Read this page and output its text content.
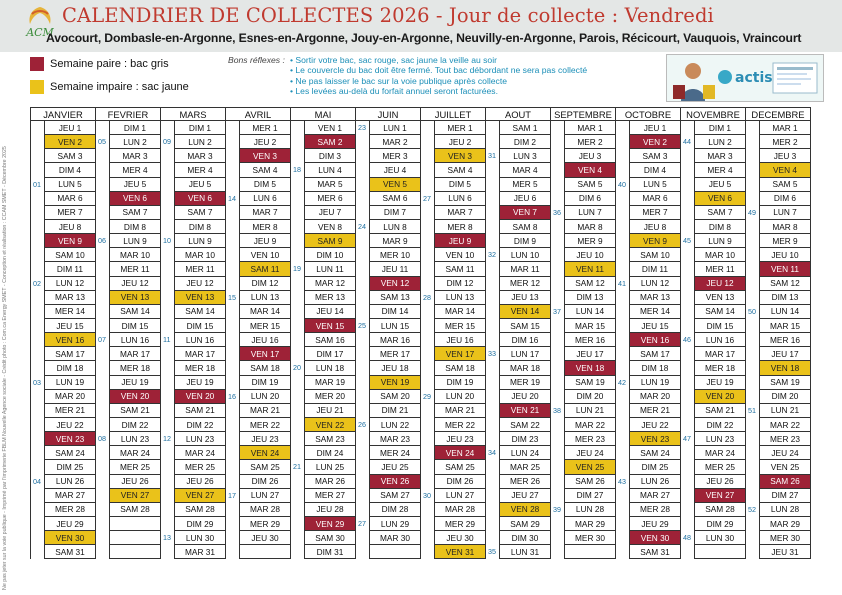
ACM
CALENDRIER DE COLLECTES 2026 - Jour de collecte : Vendredi
Avocourt, Dombasle-en-Argonne, Esnes-en-Argonne, Jouy-en-Argonne, Neuvilly-en-Argonne, Parois, Récicourt, Vauquois, Vraincourt
Semaine paire : bac gris
Semaine impaire : sac jaune
Bons réflexes :	• Sortir votre bac, sac rouge, sac jaune la veille au soir
• Le couvercle du bac doit être fermé. Tout bac débordant ne sera pas collecté
• Ne pas laisser le bac sur la voie publique après collecte
• Les levées au-delà du forfait annuel seront facturées.
actis
Ne pas jeter sur la voie publique - Imprimé par l'imprimerie FBLM Nouvelle Agence sociale - Crédit photo : Com.ca Energy SMET - Conception et réalisation : CCAM SMET - Décembre 2025
JANVIER		FEVRIER		MARS		AVRIL		MAI		JUIN		JUILLET		AOUT		SEPTEMBRE		OCTOBRE		NOVEMBRE		DECEMBRE	
	JEU 1		DIM 1		DIM 1		MER 1		VEN 1	23	LUN 1		MER 1		SAM 1		MAR 1		JEU 1		DIM 1		MAR 1
	VEN 2	05	LUN 2	09	LUN 2		JEU 2		SAM 2		MAR 2		JEU 2		DIM 2		MER 2		VEN 2	44	LUN 2		MER 2
	SAM 3		MAR 3		MAR 3		VEN 3		DIM 3		MER 3		VEN 3	31	LUN 3		JEU 3		SAM 3		MAR 3		JEU 3
	DIM 4		MER 4		MER 4		SAM 4	18	LUN 4		JEU 4		SAM 4		MAR 4		VEN 4		DIM 4		MER 4		VEN 4
01	LUN 5		JEU 5		JEU 5		DIM 5		MAR 5		VEN 5		DIM 5		MER 5		SAM 5	40	LUN 5		JEU 5		SAM 5
	MAR 6		VEN 6		VEN 6	14	LUN 6		MER 6		SAM 6	27	LUN 6		JEU 6		DIM 6		MAR 6		VEN 6		DIM 6
	MER 7		SAM 7		SAM 7		MAR 7		JEU 7		DIM 7		MAR 7		VEN 7	36	LUN 7		MER 7		SAM 7	49	LUN 7
	JEU 8		DIM 8		DIM 8		MER 8		VEN 8	24	LUN 8		MER 8		SAM 8		MAR 8		JEU 8		DIM 8		MAR 8
	VEN 9	06	LUN 9	10	LUN 9		JEU 9		SAM 9		MAR 9		JEU 9		DIM 9		MER 9		VEN 9	45	LUN 9		MER 9
	SAM 10		MAR 10		MAR 10		VEN 10		DIM 10		MER 10		VEN 10	32	LUN 10		JEU 10		SAM 10		MAR 10		JEU 10
	DIM 11		MER 11		MER 11		SAM 11	19	LUN 11		JEU 11		SAM 11		MAR 11		VEN 11		DIM 11		MER 11		VEN 11
02	LUN 12		JEU 12		JEU 12		DIM 12		MAR 12		VEN 12		DIM 12		MER 12		SAM 12	41	LUN 12		JEU 12		SAM 12
	MAR 13		VEN 13		VEN 13	15	LUN 13		MER 13		SAM 13	28	LUN 13		JEU 13		DIM 13		MAR 13		VEN 13		DIM 13
	MER 14		SAM 14		SAM 14		MAR 14		JEU 14		DIM 14		MAR 14		VEN 14	37	LUN 14		MER 14		SAM 14	50	LUN 14
	JEU 15		DIM 15		DIM 15		MER 15		VEN 15	25	LUN 15		MER 15		SAM 15		MAR 15		JEU 15		DIM 15		MAR 15
	VEN 16	07	LUN 16	11	LUN 16		JEU 16		SAM 16		MAR 16		JEU 16		DIM 16		MER 16		VEN 16	46	LUN 16		MER 16
	SAM 17		MAR 17		MAR 17		VEN 17		DIM 17		MER 17		VEN 17	33	LUN 17		JEU 17		SAM 17		MAR 17		JEU 17
	DIM 18		MER 18		MER 18		SAM 18	20	LUN 18		JEU 18		SAM 18		MAR 18		VEN 18		DIM 18		MER 18		VEN 18
03	LUN 19		JEU 19		JEU 19		DIM 19		MAR 19		VEN 19		DIM 19		MER 19		SAM 19	42	LUN 19		JEU 19		SAM 19
	MAR 20		VEN 20		VEN 20	16	LUN 20		MER 20		SAM 20	29	LUN 20		JEU 20		DIM 20		MAR 20		VEN 20		DIM 20
	MER 21		SAM 21		SAM 21		MAR 21		JEU 21		DIM 21		MAR 21		VEN 21	38	LUN 21		MER 21		SAM 21	51	LUN 21
	JEU 22		DIM 22		DIM 22		MER 22		VEN 22	26	LUN 22		MER 22		SAM 22		MAR 22		JEU 22		DIM 22		MAR 22
	VEN 23	08	LUN 23	12	LUN 23		JEU 23		SAM 23		MAR 23		JEU 23		DIM 23		MER 23		VEN 23	47	LUN 23		MER 23
	SAM 24		MAR 24		MAR 24		VEN 24		DIM 24		MER 24		VEN 24	34	LUN 24		JEU 24		SAM 24		MAR 24		JEU 24
	DIM 25		MER 25		MER 25		SAM 25	21	LUN 25		JEU 25		SAM 25		MAR 25		VEN 25		DIM 25		MER 25		VEN 25
04	LUN 26		JEU 26		JEU 26		DIM 26		MAR 26		VEN 26		DIM 26		MER 26		SAM 26	43	LUN 26		JEU 26		SAM 26
	MAR 27		VEN 27		VEN 27	17	LUN 27		MER 27		SAM 27	30	LUN 27		JEU 27		DIM 27		MAR 27		VEN 27		DIM 27
	MER 28		SAM 28		SAM 28		MAR 28		JEU 28		DIM 28		MAR 28		VEN 28	39	LUN 28		MER 28		SAM 28	52	LUN 28
	JEU 29				DIM 29		MER 29		VEN 29	27	LUN 29		MER 29		SAM 29		MAR 29		JEU 29		DIM 29		MAR 29
	VEN 30			13	LUN 30		JEU 30		SAM 30		MAR 30		JEU 30		DIM 30		MER 30		VEN 30	48	LUN 30		MER 30
	SAM 31				MAR 31				DIM 31				VEN 31	35	LUN 31				SAM 31				JEU 31
